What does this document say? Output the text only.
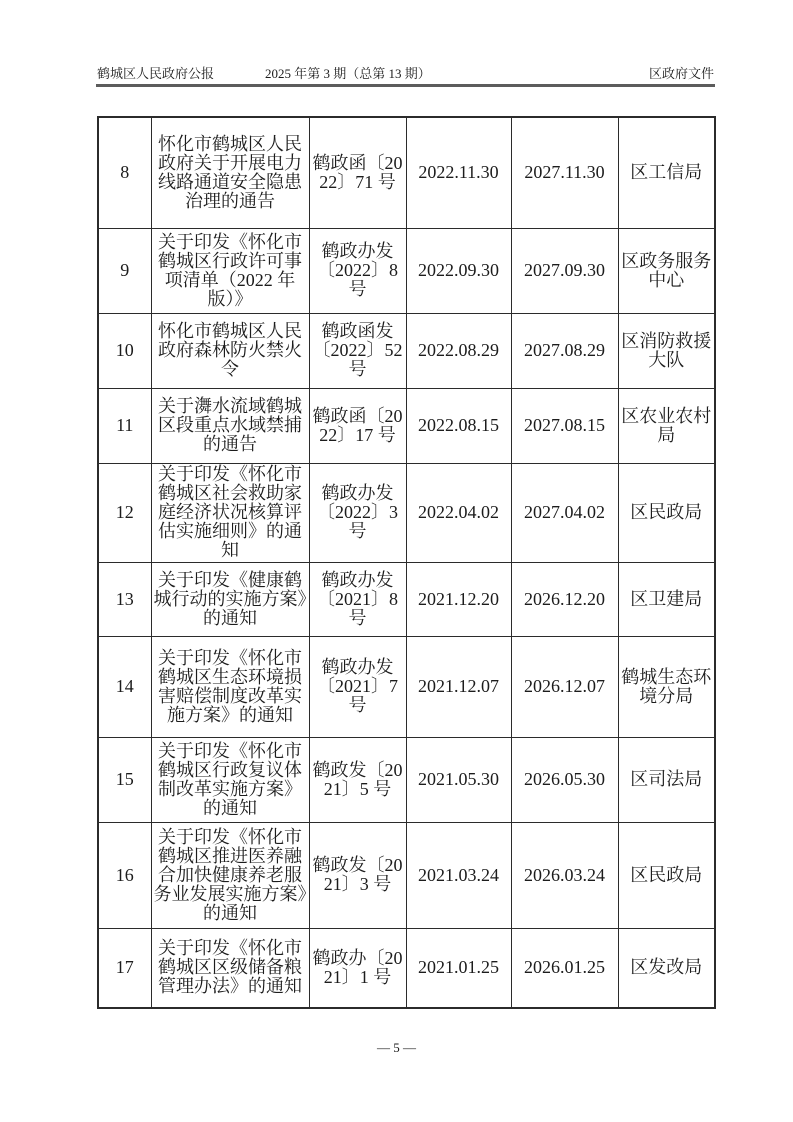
鹤城区人民政府公报	2025 年第 3 期（总第 13 期）	区政府文件
8	怀化市鹤城区人民政府关于开展电力线路通道安全隐患治理的通告	鹤政函〔2022〕71 号	2022.11.30	2027.11.30	区工信局
9	关于印发《怀化市鹤城区行政许可事项清单（2022 年版）》	鹤政办发〔2022〕8 号	2022.09.30	2027.09.30	区政务服务中心
10	怀化市鹤城区人民政府森林防火禁火令	鹤政函发〔2022〕52 号	2022.08.29	2027.08.29	区消防救援大队
11	关于㵲水流域鹤城区段重点水域禁捕的通告	鹤政函〔2022〕17 号	2022.08.15	2027.08.15	区农业农村局
12	关于印发《怀化市鹤城区社会救助家庭经济状况核算评估实施细则》的通知	鹤政办发〔2022〕3 号	2022.04.02	2027.04.02	区民政局
13	关于印发《健康鹤城行动的实施方案》的通知	鹤政办发〔2021〕8 号	2021.12.20	2026.12.20	区卫建局
14	关于印发《怀化市鹤城区生态环境损害赔偿制度改革实施方案》的通知	鹤政办发〔2021〕7 号	2021.12.07	2026.12.07	鹤城生态环境分局
15	关于印发《怀化市鹤城区行政复议体制改革实施方案》的通知	鹤政发〔2021〕5 号	2021.05.30	2026.05.30	区司法局
16	关于印发《怀化市鹤城区推进医养融合加快健康养老服务业发展实施方案》的通知	鹤政发〔2021〕3 号	2021.03.24	2026.03.24	区民政局
17	关于印发《怀化市鹤城区区级储备粮管理办法》的通知	鹤政办〔2021〕1 号	2021.01.25	2026.01.25	区发改局
— 5 —
